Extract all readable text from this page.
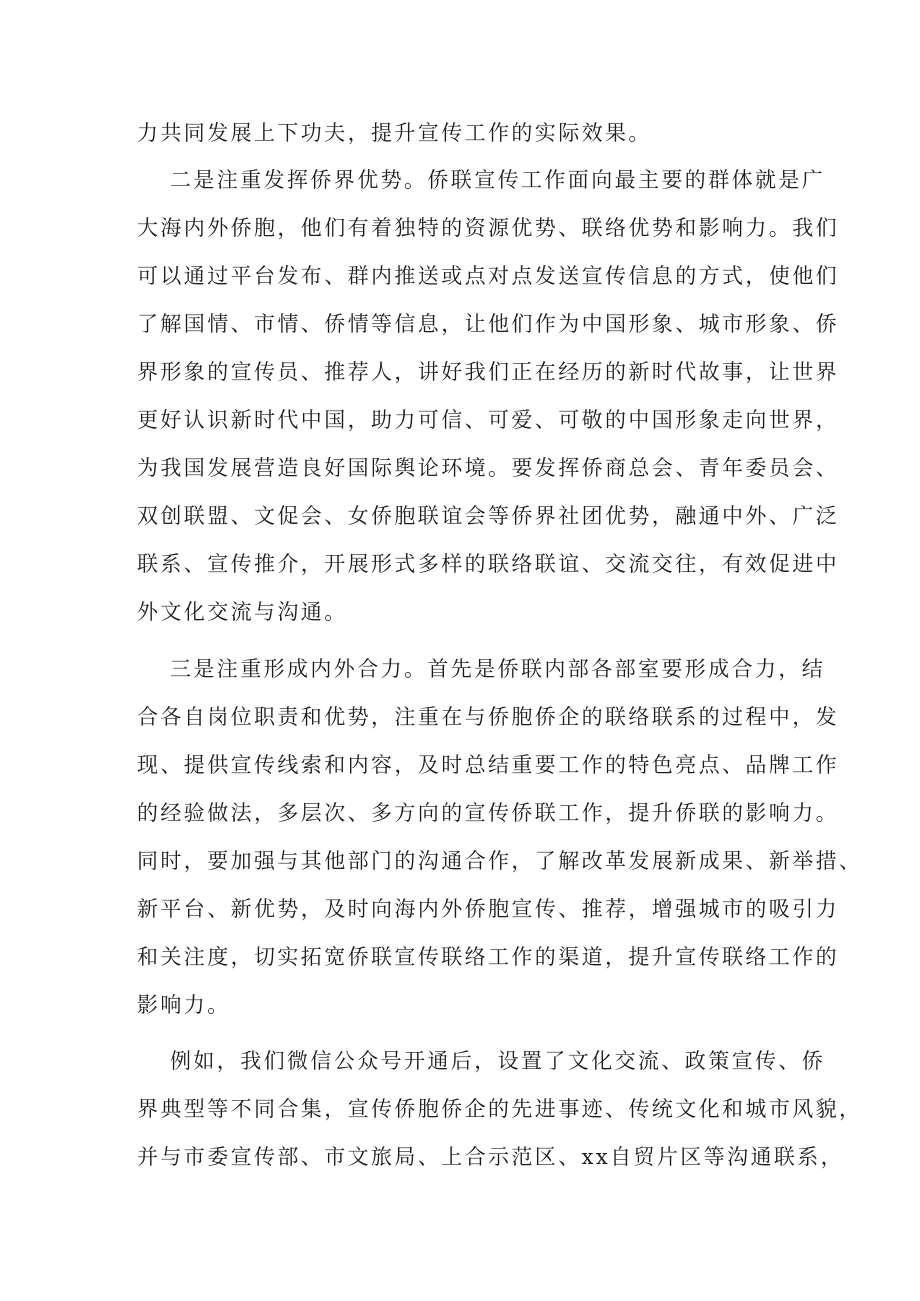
力共同发展上下功夫，提升宣传工作的实际效果。
二是注重发挥侨界优势。侨联宣传工作面向最主要的群体就是广
大海内外侨胞，他们有着独特的资源优势、联络优势和影响力。我们
可以通过平台发布、群内推送或点对点发送宣传信息的方式，使他们
了解国情、市情、侨情等信息，让他们作为中国形象、城市形象、侨
界形象的宣传员、推荐人，讲好我们正在经历的新时代故事，让世界
更好认识新时代中国，助力可信、可爱、可敬的中国形象走向世界，
为我国发展营造良好国际舆论环境。要发挥侨商总会、青年委员会、
双创联盟、文促会、女侨胞联谊会等侨界社团优势，融通中外、广泛
联系、宣传推介，开展形式多样的联络联谊、交流交往，有效促进中
外文化交流与沟通。
三是注重形成内外合力。首先是侨联内部各部室要形成合力，结
合各自岗位职责和优势，注重在与侨胞侨企的联络联系的过程中，发
现、提供宣传线索和内容，及时总结重要工作的特色亮点、品牌工作
的经验做法，多层次、多方向的宣传侨联工作，提升侨联的影响力。
同时，要加强与其他部门的沟通合作，了解改革发展新成果、新举措、
新平台、新优势，及时向海内外侨胞宣传、推荐，增强城市的吸引力
和关注度，切实拓宽侨联宣传联络工作的渠道，提升宣传联络工作的
影响力。
例如，我们微信公众号开通后，设置了文化交流、政策宣传、侨
界典型等不同合集，宣传侨胞侨企的先进事迹、传统文化和城市风貌，
并与市委宣传部、市文旅局、上合示范区、xx自贸片区等沟通联系，
